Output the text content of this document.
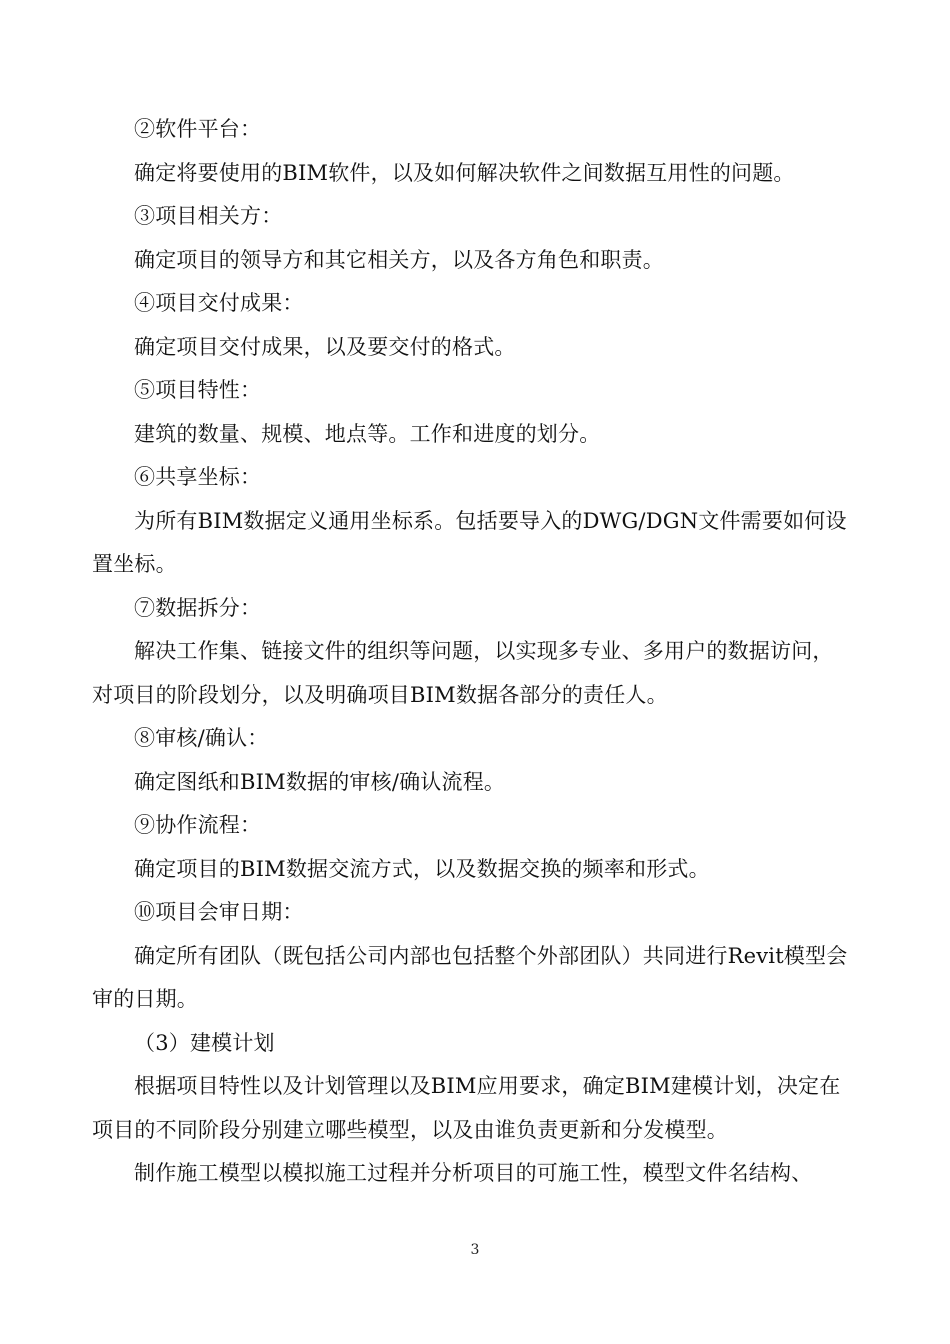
②软件平台：

确定将要使用的BIM软件，以及如何解决软件之间数据互用性的问题。

③项目相关方：

确定项目的领导方和其它相关方，以及各方角色和职责。

④项目交付成果：

确定项目交付成果，以及要交付的格式。

⑤项目特性：

建筑的数量、规模、地点等。工作和进度的划分。

⑥共享坐标：

为所有BIM数据定义通用坐标系。包括要导入的DWG/DGN文件需要如何设置坐标。

⑦数据拆分：

解决工作集、链接文件的组织等问题，以实现多专业、多用户的数据访问，对项目的阶段划分，以及明确项目BIM数据各部分的责任人。

⑧审核/确认：

确定图纸和BIM数据的审核/确认流程。

⑨协作流程：

确定项目的BIM数据交流方式，以及数据交换的频率和形式。

⑩项目会审日期：

确定所有团队（既包括公司内部也包括整个外部团队）共同进行Revit模型会审的日期。

（3）建模计划

根据项目特性以及计划管理以及BIM应用要求，确定BIM建模计划，决定在项目的不同阶段分别建立哪些模型，以及由谁负责更新和分发模型。

制作施工模型以模拟施工过程并分析项目的可施工性，模型文件名结构、

3
